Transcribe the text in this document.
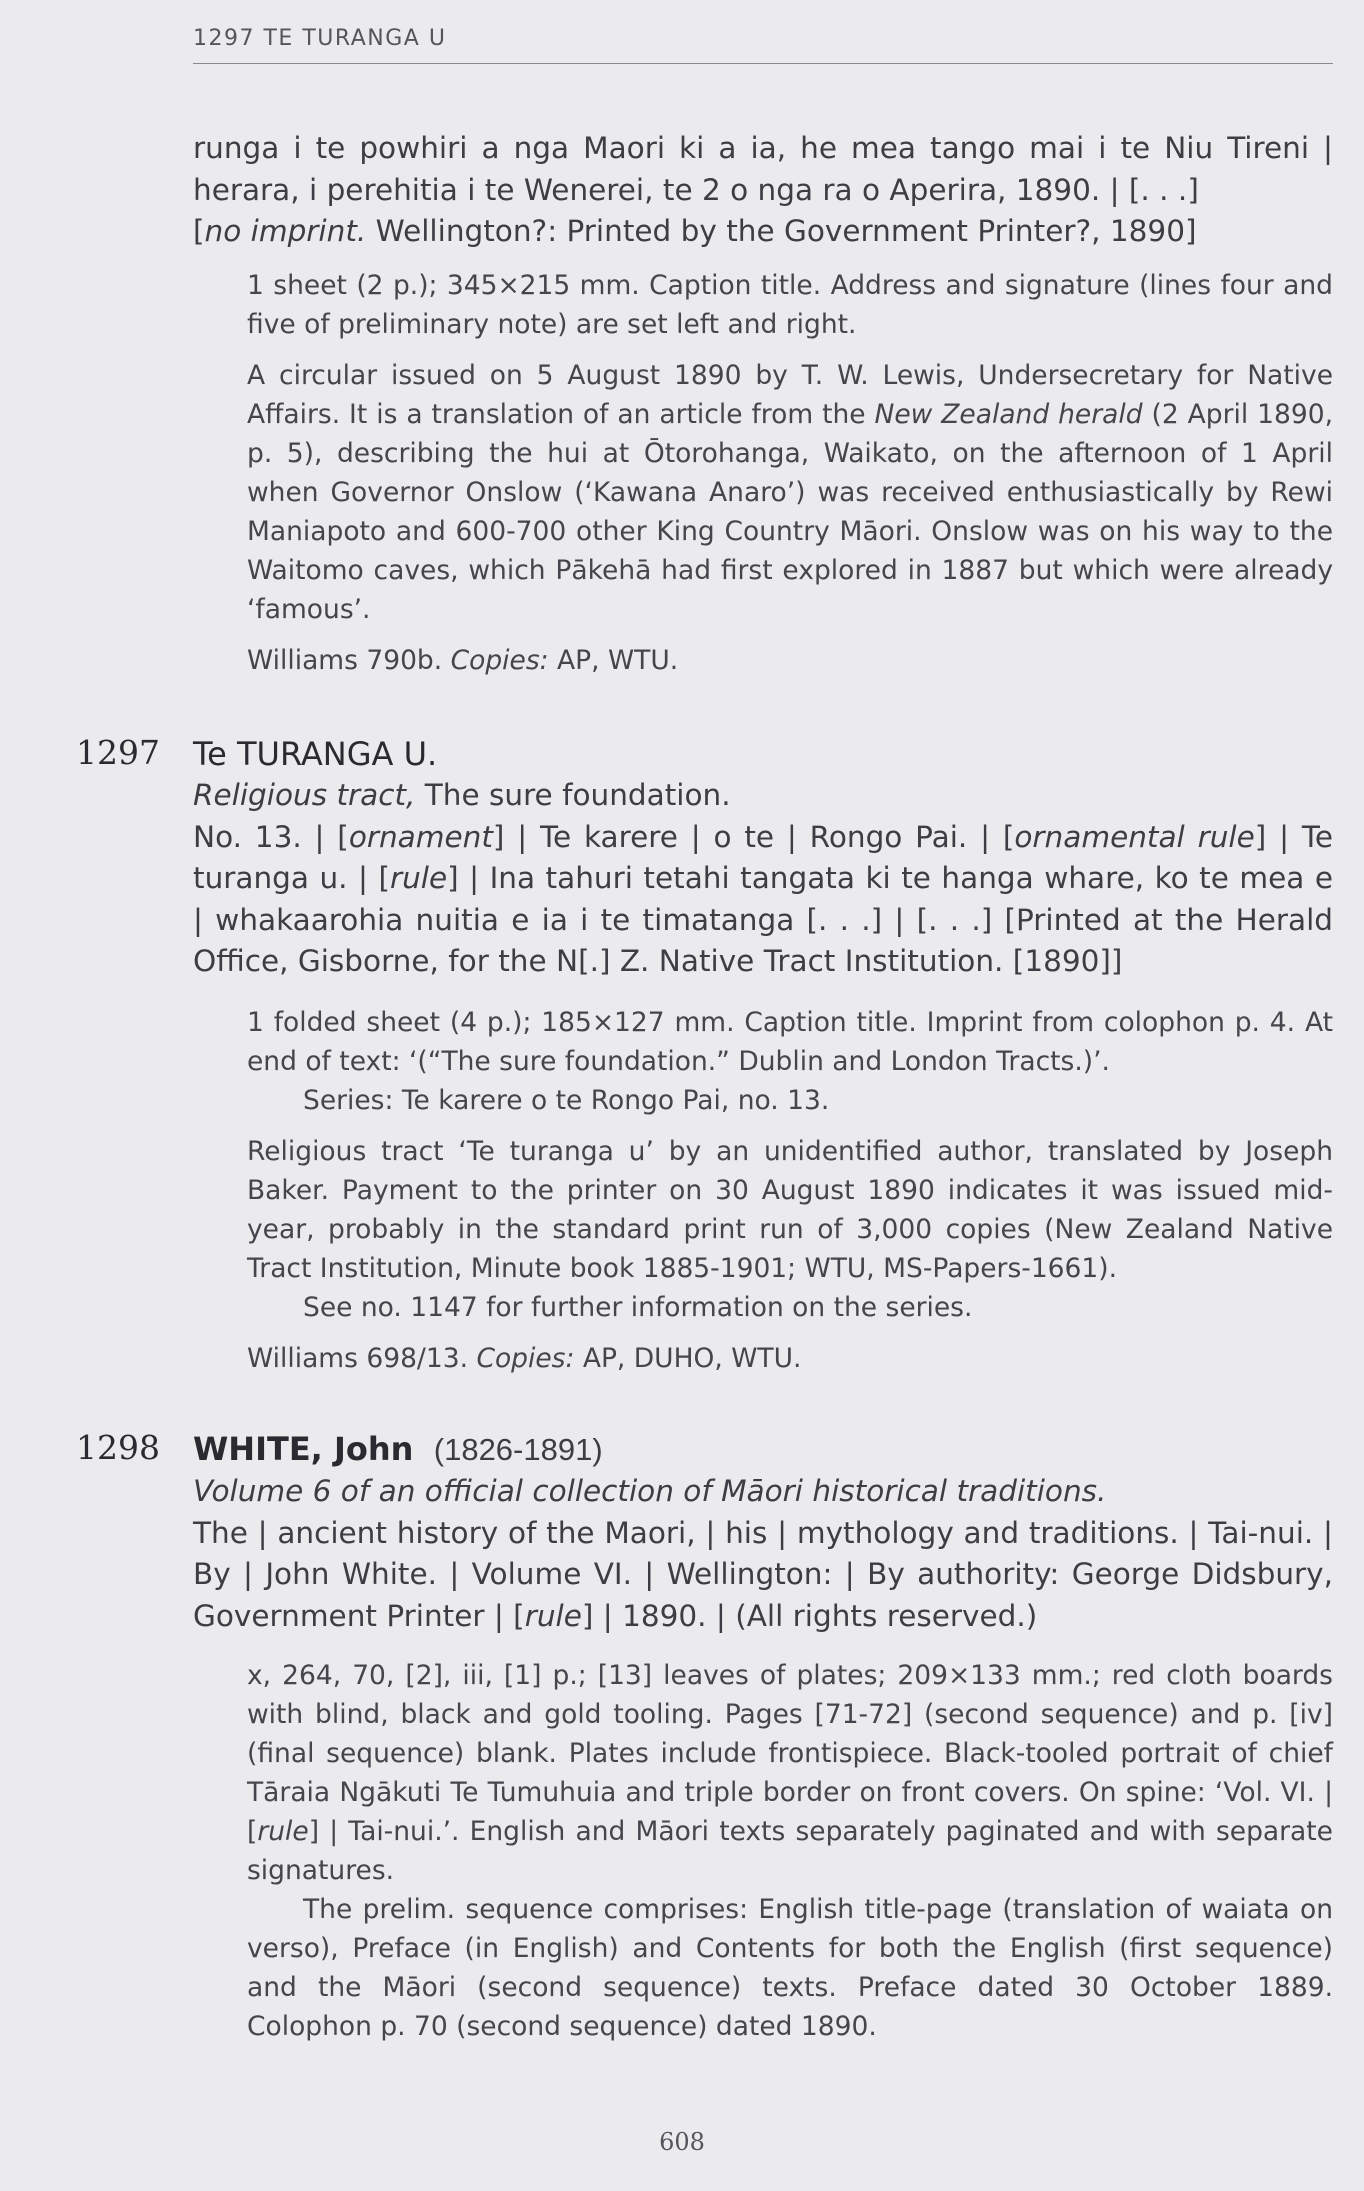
1297 TE TURANGA U

runga i te powhiri a nga Maori ki a ia, he mea tango mai i te Niu Tireni | herara, i perehitia i te Wenerei, te 2 o nga ra o Aperira, 1890. | [. . .]

[no imprint. Wellington?: Printed by the Government Printer?, 1890]

1 sheet (2 p.); 345×215 mm. Caption title. Address and signature (lines four and five of preliminary note) are set left and right.

A circular issued on 5 August 1890 by T. W. Lewis, Undersecretary for Native Affairs. It is a translation of an article from the New Zealand herald (2 April 1890, p. 5), describing the hui at Ōtorohanga, Waikato, on the afternoon of 1 April when Governor Onslow (‘Kawana Anaro’) was received enthusiastically by Rewi Maniapoto and 600-700 other King Country Māori. Onslow was on his way to the Waitomo caves, which Pākehā had first explored in 1887 but which were already ‘famous’.

Williams 790b. Copies: AP, WTU.

1297 Te TURANGA U.

Religious tract, The sure foundation.

No. 13. | [ornament] | Te karere | o te | Rongo Pai. | [ornamental rule] | Te turanga u. | [rule] | Ina tahuri tetahi tangata ki te hanga whare, ko te mea e | whakaarohia nuitia e ia i te timatanga [. . .] | [. . .] [Printed at the Herald Office, Gisborne, for the N[.] Z. Native Tract Institution. [1890]]

1 folded sheet (4 p.); 185×127 mm. Caption title. Imprint from colophon p. 4. At end of text: ‘(“The sure foundation.” Dublin and London Tracts.)’.

Series: Te karere o te Rongo Pai, no. 13.

Religious tract ‘Te turanga u’ by an unidentified author, translated by Joseph Baker. Payment to the printer on 30 August 1890 indicates it was issued mid-year, probably in the standard print run of 3,000 copies (New Zealand Native Tract Institution, Minute book 1885-1901; WTU, MS-Papers-1661).

See no. 1147 for further information on the series.

Williams 698/13. Copies: AP, DUHO, WTU.

1298 WHITE, John (1826-1891)

Volume 6 of an official collection of Māori historical traditions.

The | ancient history of the Maori, | his | mythology and traditions. | Tai-nui. | By | John White. | Volume VI. | Wellington: | By authority: George Didsbury, Government Printer | [rule] | 1890. | (All rights reserved.)

x, 264, 70, [2], iii, [1] p.; [13] leaves of plates; 209×133 mm.; red cloth boards with blind, black and gold tooling. Pages [71-72] (second sequence) and p. [iv] (final sequence) blank. Plates include frontispiece. Black-tooled portrait of chief Tāraia Ngākuti Te Tumuhuia and triple border on front covers. On spine: ‘Vol. VI. | [rule] | Tai-nui.’. English and Māori texts separately paginated and with separate signatures.

The prelim. sequence comprises: English title-page (translation of waiata on verso), Preface (in English) and Contents for both the English (first sequence) and the Māori (second sequence) texts. Preface dated 30 October 1889. Colophon p. 70 (second sequence) dated 1890.

608
